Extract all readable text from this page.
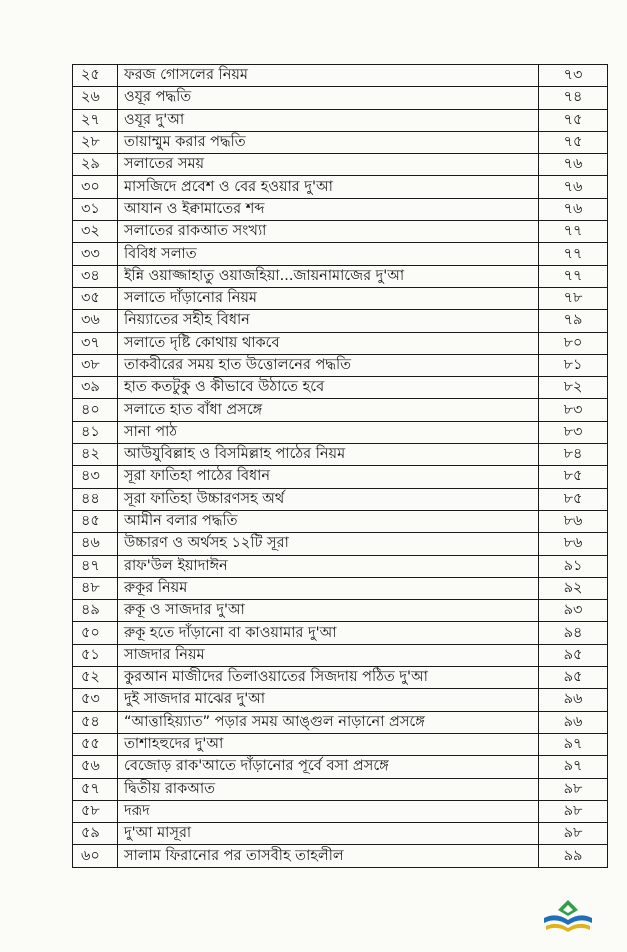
২৫	ফরজ গোসলের নিয়ম	৭৩
২৬	ওযূর পদ্ধতি	৭৪
২৭	ওযূর দু'আ	৭৫
২৮	তায়াম্মুম করার পদ্ধতি	৭৫
২৯	সলাতের সময়	৭৬
৩০	মাসজিদে প্রবেশ ও বের হওয়ার দু'আ	৭৬
৩১	আযান ও ইক্বামাতের শব্দ	৭৬
৩২	সলাতের রাকআত সংখ্যা	৭৭
৩৩	বিবিধ সলাত	৭৭
৩৪	ইন্নি ওয়াজ্জাহাতু ওয়াজহিয়া...জায়নামাজের দু'আ	৭৭
৩৫	সলাতে দাঁড়ানোর নিয়ম	৭৮
৩৬	নিয়্যাতের সহীহ বিধান	৭৯
৩৭	সলাতে দৃষ্টি কোথায় থাকবে	৮০
৩৮	তাকবীরের সময় হাত উত্তোলনের পদ্ধতি	৮১
৩৯	হাত কতটুকু ও কীভাবে উঠাতে হবে	৮২
৪০	সলাতে হাত বাঁধা প্রসঙ্গে	৮৩
৪১	সানা পাঠ	৮৩
৪২	আউযুবিল্লাহ ও বিসমিল্লাহ পাঠের নিয়ম	৮৪
৪৩	সূরা ফাতিহা পাঠের বিধান	৮৫
৪৪	সূরা ফাতিহা উচ্চারণসহ অর্থ	৮৫
৪৫	আমীন বলার পদ্ধতি	৮৬
৪৬	উচ্চারণ ও অর্থসহ ১২টি সূরা	৮৬
৪৭	রাফ'উল ইয়াদাঈন	৯১
৪৮	রুকূর নিয়ম	৯২
৪৯	রুকূ ও সাজদার দু'আ	৯৩
৫০	রুকূ হতে দাঁড়ানো বা কাওয়ামার দু'আ	৯৪
৫১	সাজদার নিয়ম	৯৫
৫২	কুরআন মাজীদের তিলাওয়াতের সিজদায় পঠিত দু'আ	৯৫
৫৩	দুই সাজদার মাঝের দু'আ	৯৬
৫৪	“আত্তাহিয়্যাত” পড়ার সময় আঙ্গুল নাড়ানো প্রসঙ্গে	৯৬
৫৫	তাশাহহুদের দু'আ	৯৭
৫৬	বেজোড় রাক'আতে দাঁড়ানোর পূর্বে বসা প্রসঙ্গে	৯৭
৫৭	দ্বিতীয় রাকআত	৯৮
৫৮	দরূদ	৯৮
৫৯	দু'আ মাসূরা	৯৮
৬০	সালাম ফিরানোর পর তাসবীহ তাহলীল	৯৯
